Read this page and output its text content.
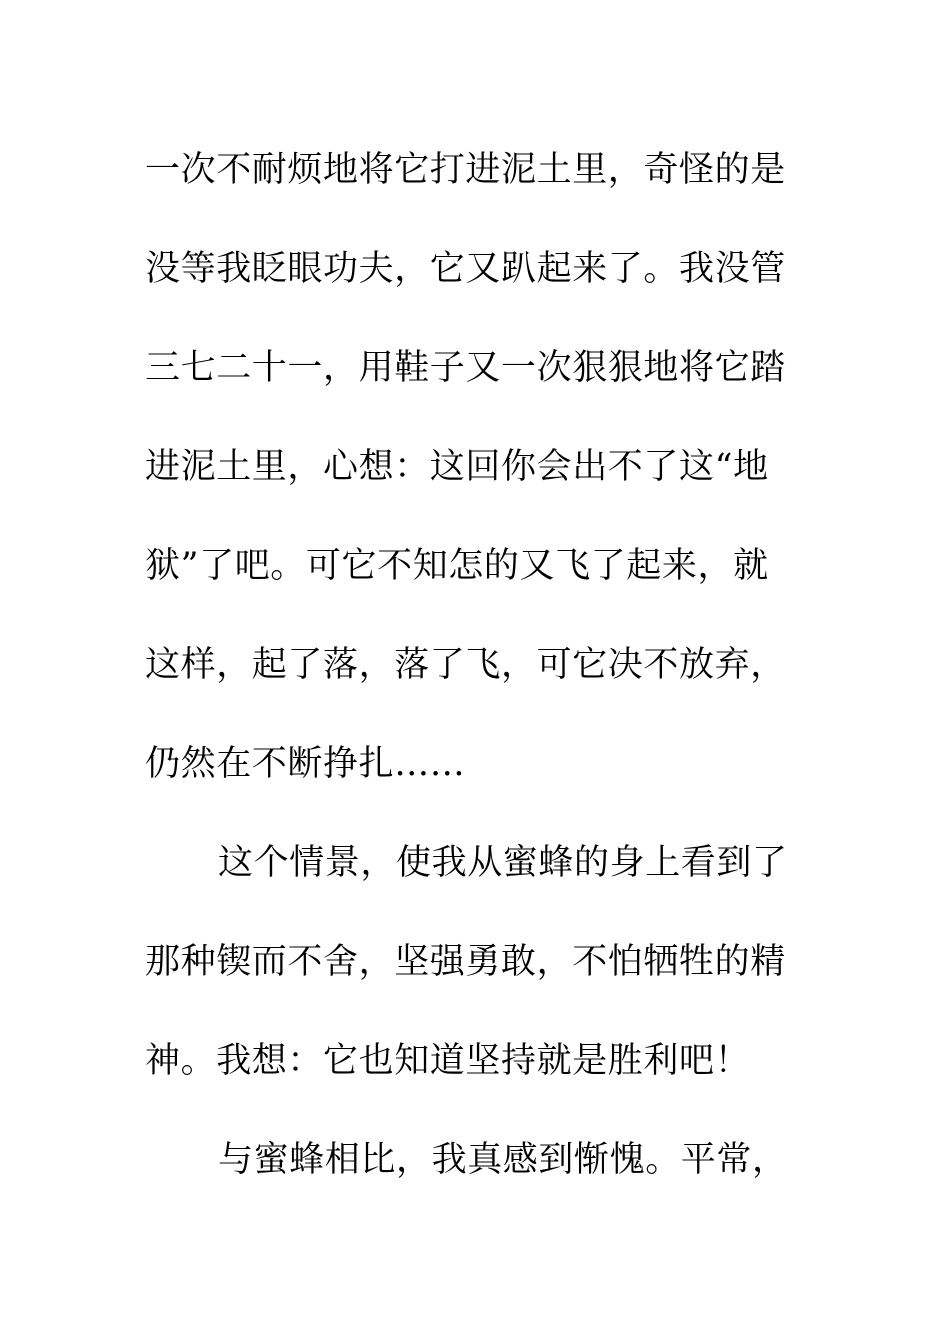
一次不耐烦地将它打进泥土里，奇怪的是
没等我眨眼功夫，它又趴起来了。我没管
三七二十一，用鞋子又一次狠狠地将它踏
进泥土里，心想：这回你会出不了这“地
狱”了吧。可它不知怎的又飞了起来，就
这样，起了落，落了飞，可它决不放弃，
仍然在不断挣扎……
这个情景，使我从蜜蜂的身上看到了
那种锲而不舍，坚强勇敢，不怕牺牲的精
神。我想：它也知道坚持就是胜利吧！
与蜜蜂相比，我真感到惭愧。平常，
